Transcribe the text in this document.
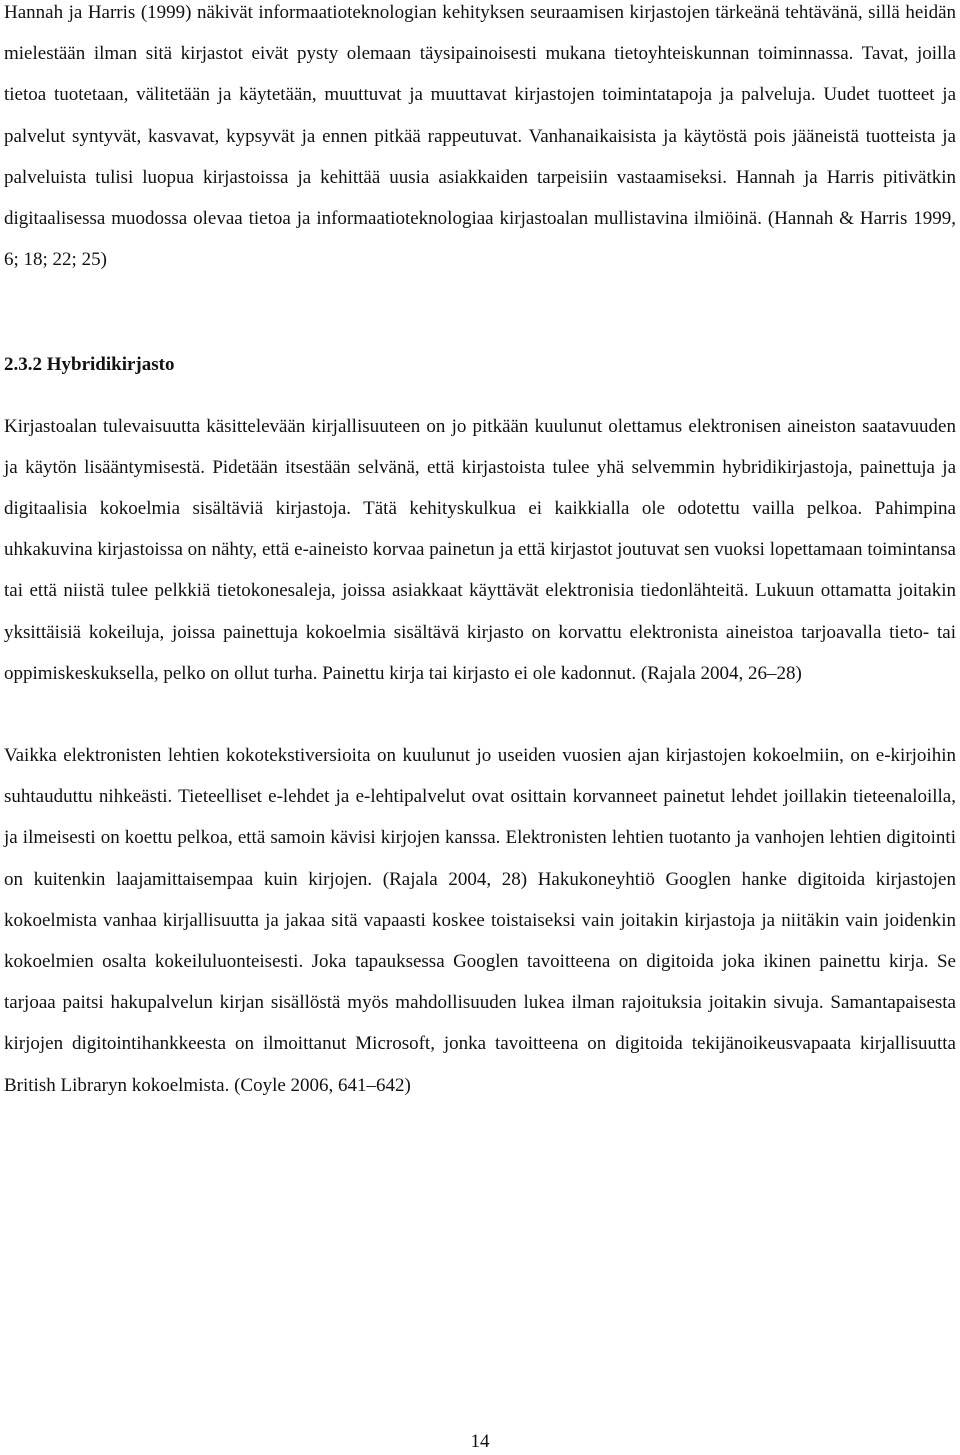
Hannah ja Harris (1999) näkivät informaatioteknologian kehityksen seuraamisen kirjastojen tärkeänä tehtävänä, sillä heidän mielestään ilman sitä kirjastot eivät pysty olemaan täysipainoisesti mukana tietoyhteiskunnan toiminnassa. Tavat, joilla tietoa tuotetaan, välitetään ja käytetään, muuttuvat ja muuttavat kirjastojen toimintatapoja ja palveluja. Uudet tuotteet ja palvelut syntyvät, kasvavat, kypsyvät ja ennen pitkää rappeutuvat. Vanhanaikaisista ja käytöstä pois jääneistä tuotteista ja palveluista tulisi luopua kirjastoissa ja kehittää uusia asiakkaiden tarpeisiin vastaamiseksi. Hannah ja Harris pitivätkin digitaalisessa muodossa olevaa tietoa ja informaatioteknologiaa kirjastoalan mullistavina ilmiöinä. (Hannah & Harris 1999, 6; 18; 22; 25)

2.3.2 Hybridikirjasto

Kirjastoalan tulevaisuutta käsittelevään kirjallisuuteen on jo pitkään kuulunut olettamus elektronisen aineiston saatavuuden ja käytön lisääntymisestä. Pidetään itsestään selvänä, että kirjastoista tulee yhä selvemmin hybridikirjastoja, painettuja ja digitaalisia kokoelmia sisältäviä kirjastoja. Tätä kehityskulkua ei kaikkialla ole odotettu vailla pelkoa. Pahimpina uhkakuvina kirjastoissa on nähty, että e-aineisto korvaa painetun ja että kirjastot joutuvat sen vuoksi lopettamaan toimintansa tai että niistä tulee pelkkiä tietokonesaleja, joissa asiakkaat käyttävät elektronisia tiedonlähteitä. Lukuun ottamatta joitakin yksittäisiä kokeiluja, joissa painettuja kokoelmia sisältävä kirjasto on korvattu elektronista aineistoa tarjoavalla tieto- tai oppimiskeskuksella, pelko on ollut turha. Painettu kirja tai kirjasto ei ole kadonnut. (Rajala 2004, 26–28)

Vaikka elektronisten lehtien kokotekstiversioita on kuulunut jo useiden vuosien ajan kirjastojen kokoelmiin, on e-kirjoihin suhtauduttu nihkeästi. Tieteelliset e-lehdet ja e-lehtipalvelut ovat osittain korvanneet painetut lehdet joillakin tieteenaloilla, ja ilmeisesti on koettu pelkoa, että samoin kävisi kirjojen kanssa. Elektronisten lehtien tuotanto ja vanhojen lehtien digitointi on kuitenkin laajamittaisempaa kuin kirjojen. (Rajala 2004, 28) Hakukoneyhtiö Googlen hanke digitoida kirjastojen kokoelmista vanhaa kirjallisuutta ja jakaa sitä vapaasti koskee toistaiseksi vain joitakin kirjastoja ja niitäkin vain joidenkin kokoelmien osalta kokeiluluonteisesti. Joka tapauksessa Googlen tavoitteena on digitoida joka ikinen painettu kirja. Se tarjoaa paitsi hakupalvelun kirjan sisällöstä myös mahdollisuuden lukea ilman rajoituksia joitakin sivuja. Samantapaisesta kirjojen digitointihankkeesta on ilmoittanut Microsoft, jonka tavoitteena on digitoida tekijänoikeusvapaata kirjallisuutta British Libraryn kokoelmista. (Coyle 2006, 641–642)

14
